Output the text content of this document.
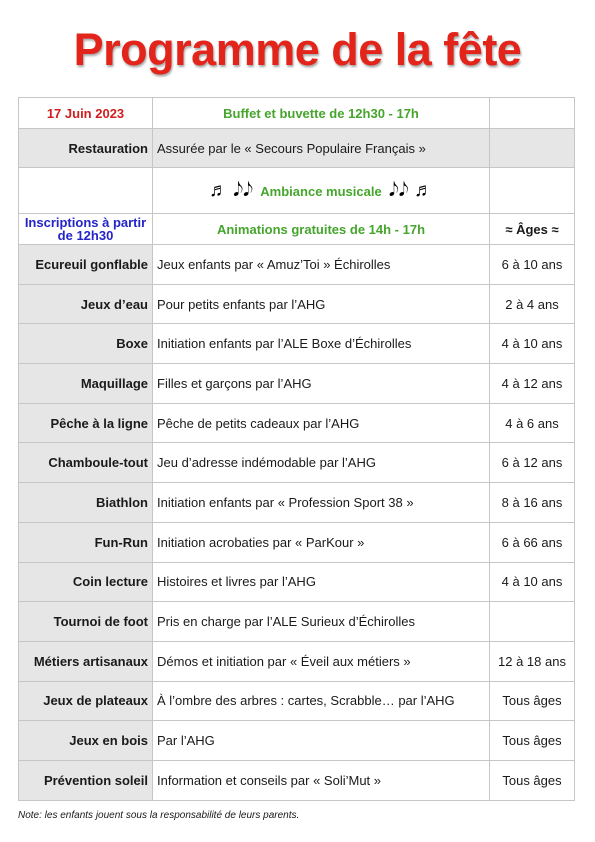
Programme de la fête
17 Juin 2023	Buffet et buvette de 12h30 - 17h	
Restauration	Assurée par le « Secours Populaire Français »	
	♬ 𝅘𝅥𝅮𝅘𝅥𝅮 Ambiance musicale 𝅘𝅥𝅮𝅘𝅥𝅮 ♬	
Inscriptions à partir de 12h30	Animations gratuites de 14h - 17h	≈ Âges ≈
Ecureuil gonflable	Jeux enfants par « Amuz’Toi » Échirolles	6 à 10 ans
Jeux d’eau	Pour petits enfants par l’AHG	2 à 4 ans
Boxe	Initiation enfants par l’ALE Boxe d’Échirolles	4 à 10 ans
Maquillage	Filles et garçons par l’AHG	4 à 12 ans
Pêche à la ligne	Pêche de petits cadeaux par l’AHG	4 à 6 ans
Chamboule-tout	Jeu d’adresse indémodable par l’AHG	6 à 12 ans
Biathlon	Initiation enfants par « Profession Sport 38 »	8 à 16 ans
Fun-Run	Initiation acrobaties par « ParKour »	6 à 66 ans
Coin lecture	Histoires et livres par l’AHG	4 à 10 ans
Tournoi de foot	Pris en charge par l’ALE Surieux d’Échirolles	
Métiers artisanaux	Démos et initiation par « Éveil aux métiers »	12 à 18 ans
Jeux de plateaux	À l’ombre des arbres : cartes, Scrabble… par l’AHG	Tous âges
Jeux en bois	Par l’AHG	Tous âges
Prévention soleil	Information et conseils par « Soli’Mut »	Tous âges
Note: les enfants jouent sous la responsabilité de leurs parents.
